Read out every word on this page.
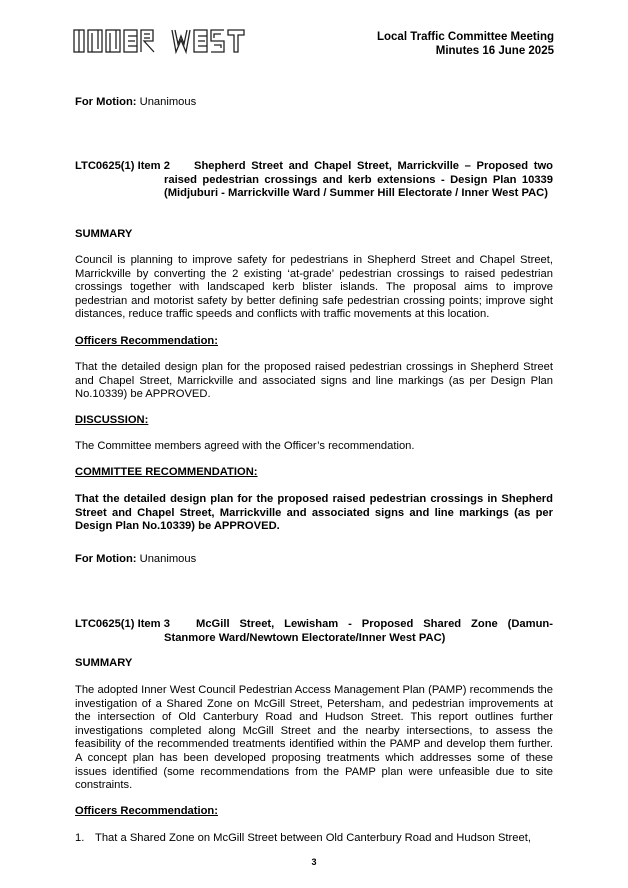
Local Traffic Committee Meeting
Minutes 16 June 2025
For Motion: Unanimous
LTC0625(1) Item 2	Shepherd Street and Chapel Street, Marrickville – Proposed two raised pedestrian crossings and kerb extensions - Design Plan 10339 (Midjuburi - Marrickville Ward / Summer Hill Electorate / Inner West PAC)
SUMMARY
Council is planning to improve safety for pedestrians in Shepherd Street and Chapel Street, Marrickville by converting the 2 existing ‘at-grade’ pedestrian crossings to raised pedestrian crossings together with landscaped kerb blister islands. The proposal aims to improve pedestrian and motorist safety by better defining safe pedestrian crossing points; improve sight distances, reduce traffic speeds and conflicts with traffic movements at this location.
Officers Recommendation:
That the detailed design plan for the proposed raised pedestrian crossings in Shepherd Street and Chapel Street, Marrickville and associated signs and line markings (as per Design Plan No.10339) be APPROVED.
DISCUSSION:
The Committee members agreed with the Officer’s recommendation.
COMMITTEE RECOMMENDATION:
That the detailed design plan for the proposed raised pedestrian crossings in Shepherd Street and Chapel Street, Marrickville and associated signs and line markings (as per Design Plan No.10339) be APPROVED.
For Motion: Unanimous
LTC0625(1) Item 3	McGill Street, Lewisham - Proposed Shared Zone (Damun- Stanmore Ward/Newtown Electorate/Inner West PAC)
SUMMARY
The adopted Inner West Council Pedestrian Access Management Plan (PAMP) recommends the investigation of a Shared Zone on McGill Street, Petersham, and pedestrian improvements at the intersection of Old Canterbury Road and Hudson Street. This report outlines further investigations completed along McGill Street and the nearby intersections, to assess the feasibility of the recommended treatments identified within the PAMP and develop them further. A concept plan has been developed proposing treatments which addresses some of these issues identified (some recommendations from the PAMP plan were unfeasible due to site constraints.
Officers Recommendation:
1. That a Shared Zone on McGill Street between Old Canterbury Road and Hudson Street,
3
